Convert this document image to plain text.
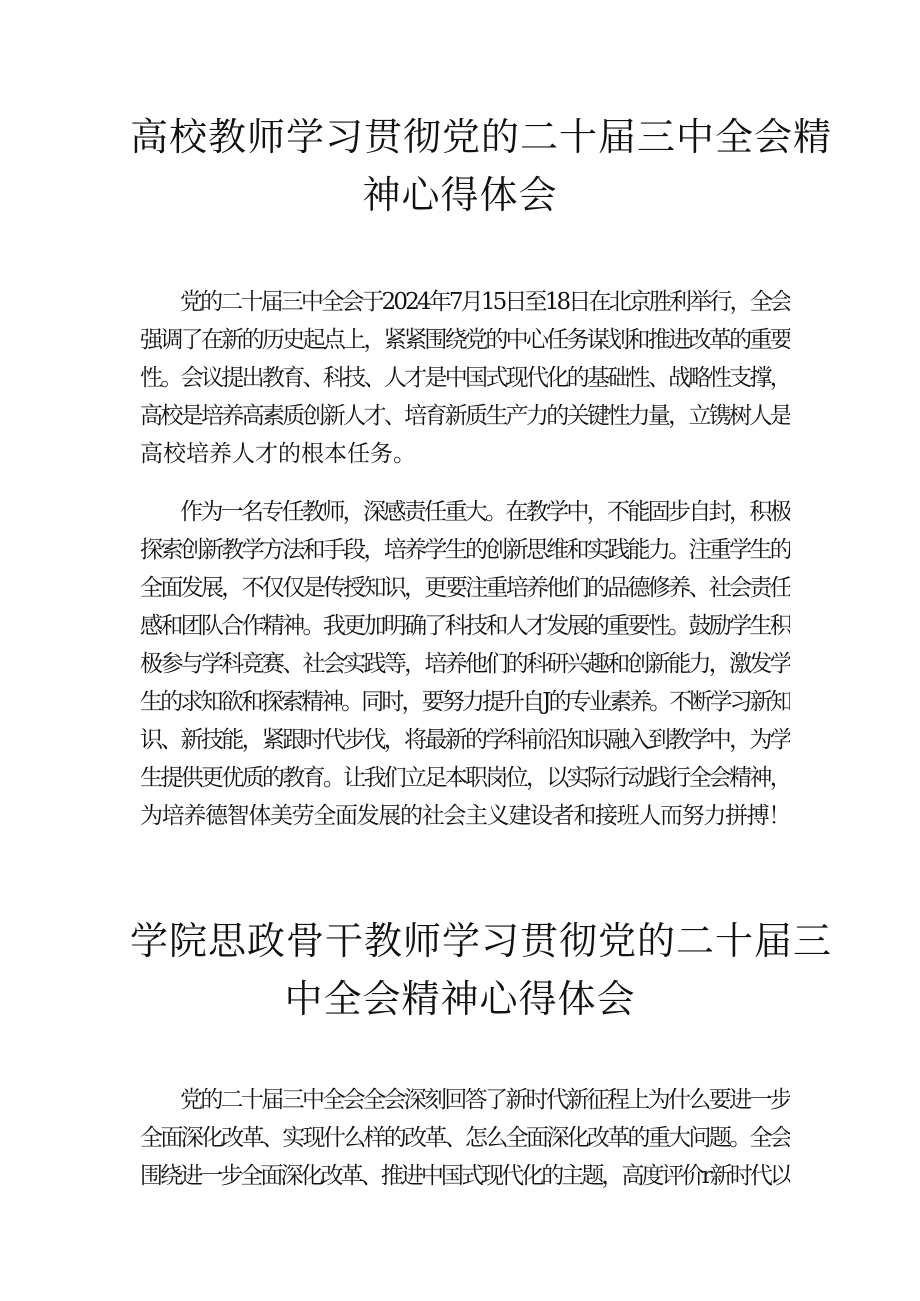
高校教师学习贯彻党的二十届三中全会精
神心得体会

党的二十届三中全会于2024年7月15日至18日在北京胜利举行，全会
强调了在新的历史起点上，紧紧围绕党的中心任务谋划和推进改革的重要
性。会议提出教育、科技、人才是中国式现代化的基础性、战略性支撑，
高校是培养高素质创新人才、培育新质生产力的关键性力量，立镌树人是
高校培养人才的根本任务。

作为一名专任教师，深感责任重大。在教学中，不能固步自封，积极
探索创新教学方法和手段，培养学生的创新思维和实践能力。注重学生的
全面发展，不仅仅是传授知识，更要注重培养他们的品德修养、社会责任
感和团队合作精神。我更加明确了科技和人才发展的重要性。鼓励学生积
极参与学科竞赛、社会实践等，培养他们的科研兴趣和创新能力，激发学
生的求知欲和探索精神。同时，要努力提升自J的专业素养。不断学习新知
识、新技能，紧跟时代步伐，将最新的学科前沿知识融入到教学中，为学
生提供更优质的教育。让我们立足本职岗位，以实际行动践行全会精神，
为培养德智体美劳全面发展的社会主义建设者和接班人而努力拼搏！

学院思政骨干教师学习贯彻党的二十届三
中全会精神心得体会

党的二十届三中全会全会深刻回答了新时代新征程上为什么要进一步
全面深化改革、实现什么样的改革、怎么全面深化改革的重大问题。全会
围绕进一步全面深化改革、推进中国式现代化的主题，高度评价r新时代以
